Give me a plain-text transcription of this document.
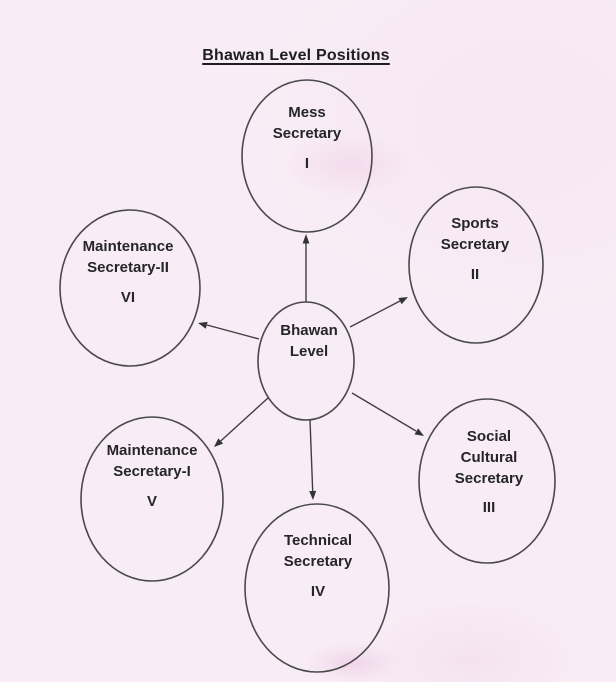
Bhawan Level Positions
Bhawan
Level
Mess
Secretary
I
Sports
Secretary
II
Maintenance
Secretary-II
VI
Social
Cultural
Secretary
III
Technical
Secretary
IV
Maintenance
Secretary-I
V
